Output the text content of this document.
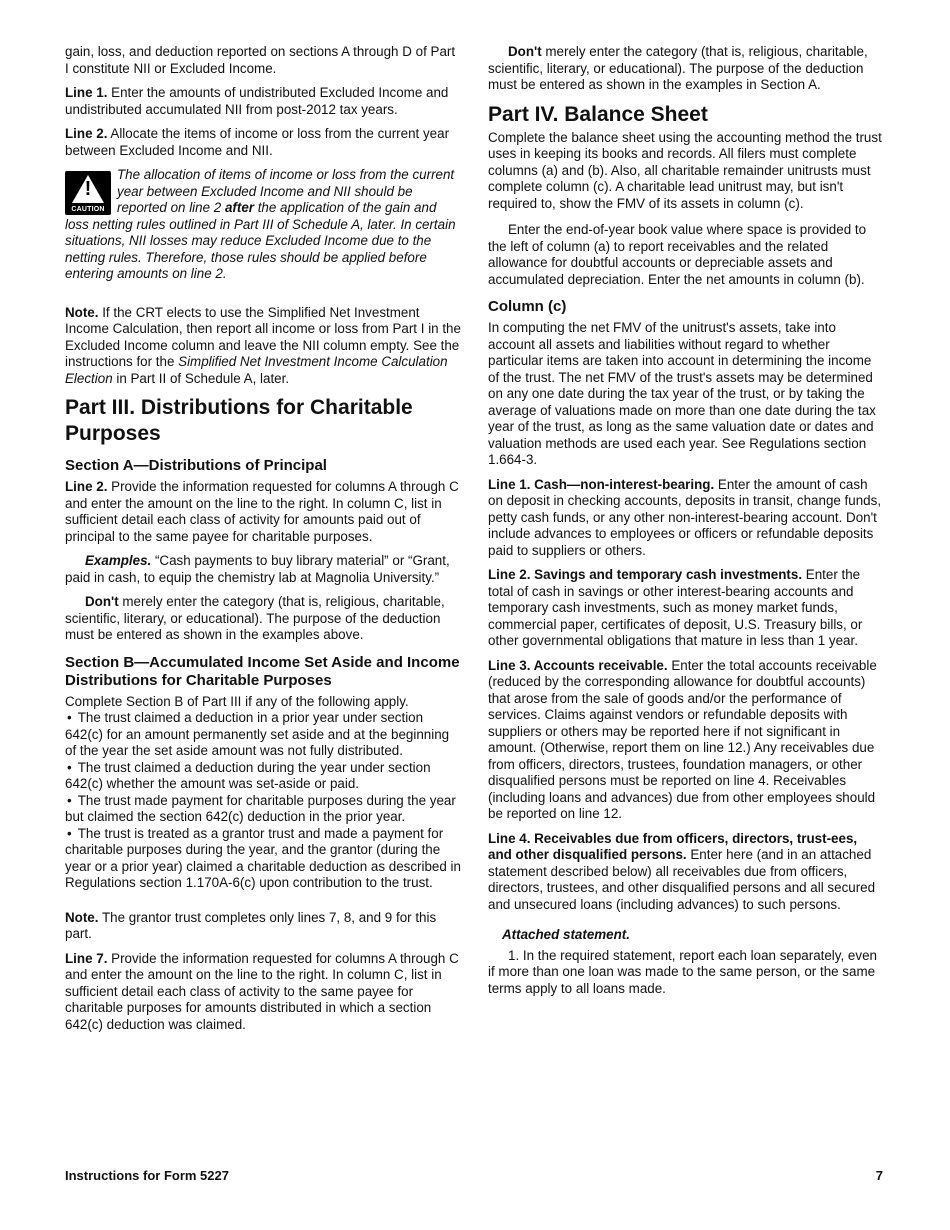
gain, loss, and deduction reported on sections A through D of Part I constitute NII or Excluded Income.

Line 1. Enter the amounts of undistributed Excluded Income and undistributed accumulated NII from post-2012 tax years.

Line 2. Allocate the items of income or loss from the current year between Excluded Income and NII.

!
CAUTION
The allocation of items of income or loss from the current year between Excluded Income and NII should be reported on line 2 after the application of the gain and loss netting rules outlined in Part III of Schedule A, later. In certain situations, NII losses may reduce Excluded Income due to the netting rules. Therefore, those rules should be applied before entering amounts on line 2.

Note. If the CRT elects to use the Simplified Net Investment Income Calculation, then report all income or loss from Part I in the Excluded Income column and leave the NII column empty. See the instructions for the Simplified Net Investment Income Calculation Election in Part II of Schedule A, later.

Part III. Distributions for Charitable Purposes
Section A—Distributions of Principal

Line 2. Provide the information requested for columns A through C and enter the amount on the line to the right. In column C, list in sufficient detail each class of activity for amounts paid out of principal to the same payee for charitable purposes.

Examples. “Cash payments to buy library material” or “Grant, paid in cash, to equip the chemistry lab at Magnolia University.”

Don't merely enter the category (that is, religious, charitable, scientific, literary, or educational). The purpose of the deduction must be entered as shown in the examples above.

Section B—Accumulated Income Set Aside and Income Distributions for Charitable Purposes

Complete Section B of Part III if any of the following apply.

• The trust claimed a deduction in a prior year under section 642(c) for an amount permanently set aside and at the beginning of the year the set aside amount was not fully distributed.

• The trust claimed a deduction during the year under section 642(c) whether the amount was set-aside or paid.

• The trust made payment for charitable purposes during the year but claimed the section 642(c) deduction in the prior year.

• The trust is treated as a grantor trust and made a payment for charitable purposes during the year, and the grantor (during the year or a prior year) claimed a charitable deduction as described in Regulations section 1.170A-6(c) upon contribution to the trust.

Note. The grantor trust completes only lines 7, 8, and 9 for this part.

Line 7. Provide the information requested for columns A through C and enter the amount on the line to the right. In column C, list in sufficient detail each class of activity to the same payee for charitable purposes for amounts distributed in which a section 642(c) deduction was claimed.

Don't merely enter the category (that is, religious, charitable, scientific, literary, or educational). The purpose of the deduction must be entered as shown in the examples in Section A.

Part IV. Balance Sheet

Complete the balance sheet using the accounting method the trust uses in keeping its books and records. All filers must complete columns (a) and (b). Also, all charitable remainder unitrusts must complete column (c). A charitable lead unitrust may, but isn't required to, show the FMV of its assets in column (c).

Enter the end-of-year book value where space is provided to the left of column (a) to report receivables and the related allowance for doubtful accounts or depreciable assets and accumulated depreciation. Enter the net amounts in column (b).

Column (c)

In computing the net FMV of the unitrust's assets, take into account all assets and liabilities without regard to whether particular items are taken into account in determining the income of the trust. The net FMV of the trust's assets may be determined on any one date during the tax year of the trust, or by taking the average of valuations made on more than one date during the tax year of the trust, as long as the same valuation date or dates and valuation methods are used each year. See Regulations section 1.664-3.

Line 1. Cash—non-interest-bearing. Enter the amount of cash on deposit in checking accounts, deposits in transit, change funds, petty cash funds, or any other non-interest-bearing account. Don't include advances to employees or officers or refundable deposits paid to suppliers or others.

Line 2. Savings and temporary cash investments. Enter the total of cash in savings or other interest-bearing accounts and temporary cash investments, such as money market funds, commercial paper, certificates of deposit, U.S. Treasury bills, or other governmental obligations that mature in less than 1 year.

Line 3. Accounts receivable. Enter the total accounts receivable (reduced by the corresponding allowance for doubtful accounts) that arose from the sale of goods and/or the performance of services. Claims against vendors or refundable deposits with suppliers or others may be reported here if not significant in amount. (Otherwise, report them on line 12.) Any receivables due from officers, directors, trustees, foundation managers, or other disqualified persons must be reported on line 4. Receivables (including loans and advances) due from other employees should be reported on line 12.

Line 4. Receivables due from officers, directors, trust-ees, and other disqualified persons. Enter here (and in an attached statement described below) all receivables due from officers, directors, trustees, and other disqualified persons and all secured and unsecured loans (including advances) to such persons.

Attached statement.

1. In the required statement, report each loan separately, even if more than one loan was made to the same person, or the same terms apply to all loans made.

Instructions for Form 5227	7
